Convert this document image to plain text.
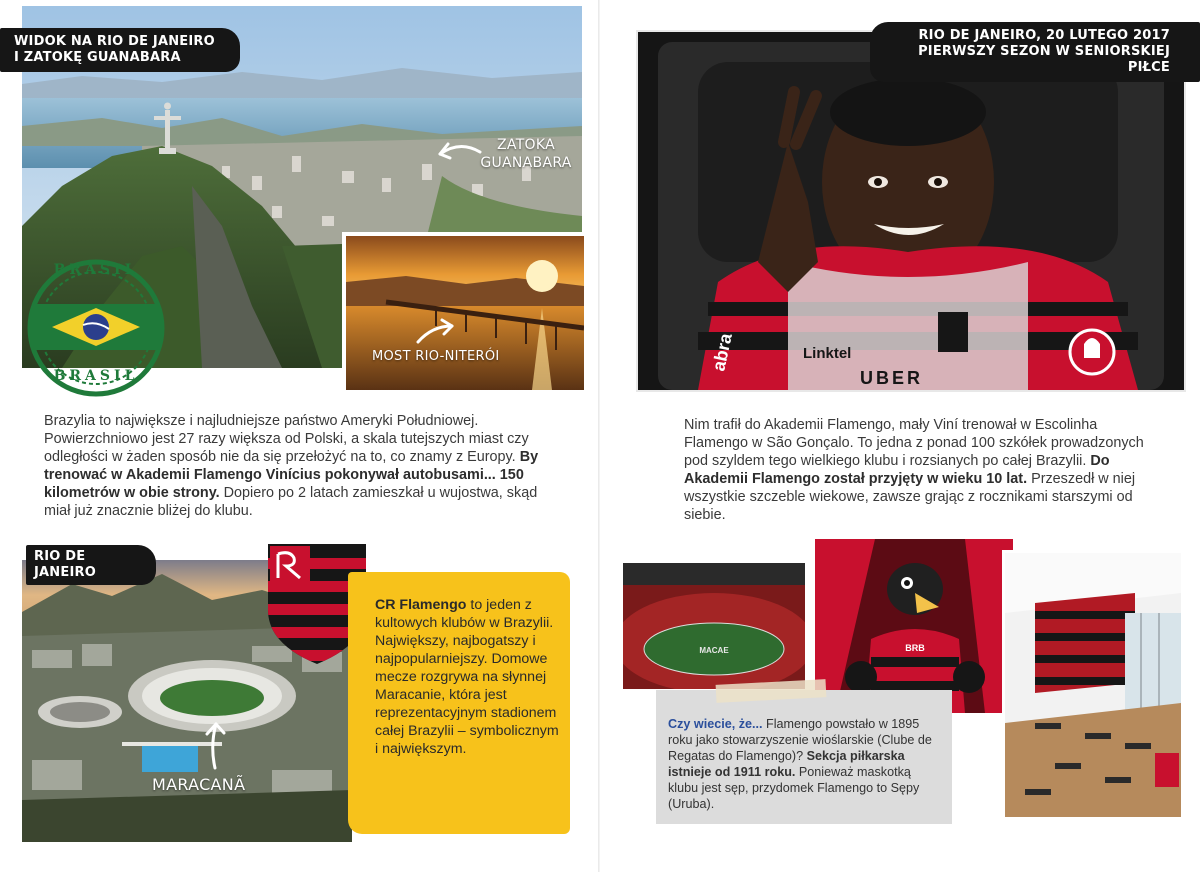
WIDOK NA RIO DE JANEIRO
I ZATOKĘ GUANABARA
ZATOKA
GUANABARA
BRASIL
BRASIL
MOST RIO-NITERÓI
Brazylia to największe i najludniejsze państwo Ameryki Południowej. Powierzchniowo jest 27 razy większa od Polski, a skala tutejszych miast czy odległości w żaden sposób nie da się przełożyć na to, co znamy z Europy. By trenować w Akademii Flamengo Vinícius pokonywał autobusami... 150 kilometrów w obie strony. Dopiero po 2 latach zamieszkał u wujostwa, skąd miał już znacznie bliżej do klubu.
RIO DE JANEIRO
MARACANÃ
CR Flamengo to jeden z kultowych klubów w Brazylii. Największy, najbogatszy i najpopularniejszy. Domowe mecze rozgrywa na słynnej Maracanie, która jest reprezentacyjnym stadionem całej Brazylii – symbolicznym i największym.
Linktel
UBER
abra
RIO DE JANEIRO, 20 LUTEGO 2017
PIERWSZY SEZON W SENIORSKIEJ PIŁCE
Nim trafił do Akademii Flamengo, mały Viní trenował w Escolinha Flamengo w São Gonçalo. To jedna z ponad 100 szkółek prowadzonych pod szyldem tego wielkiego klubu i rozsianych po całej Brazylii. Do Akademii Flamengo został przyjęty w wieku 10 lat. Przeszedł w niej wszystkie szczeble wiekowe, zawsze grając z rocznikami starszymi od siebie.
MACAE	BRB
Czy wiecie, że... Flamengo powstało w 1895 roku jako stowarzyszenie wioślarskie (Clube de Regatas do Flamengo)? Sekcja piłkarska istnieje od 1911 roku. Ponieważ maskotką klubu jest sęp, przydomek Flamengo to Sępy (Uruba).
